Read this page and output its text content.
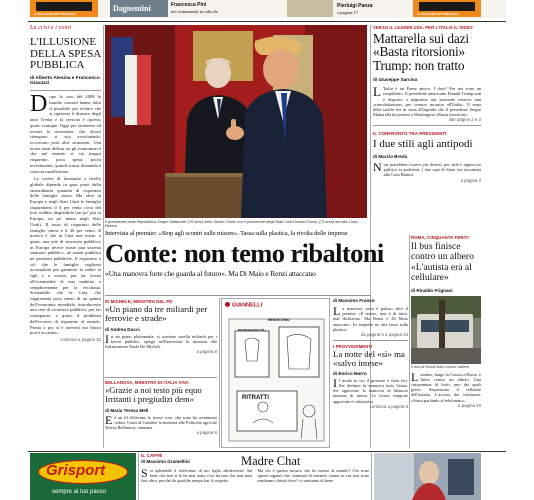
IL MAGAZINE SETTIMANALE
Dagnentini	Francesca Pini
nel settimanale in edicola
Pierluigi Panza
a pagina 17	IL MAGAZINE SETTIMANALE
La crisi e i conti
L'ILLUSIONE DELLA SPESA PUBBLICA
di Alberto Alesina e Francesco Giavazzi
D opo la crisi del 2008 le banche centrali hanno fatto il possibile per evitare che si ripetesse il disastro degli anni Trenta e la crescita è ripresa, quasi ovunque. Oggi per sostenere ed evitare la recessione, che alcuni ritengono si stia avvicinando, occorrono però altri strumenti. Una teoria assai diffusa tra gli economisti è che nel mondo vi sia troppo risparmio, poca spesa, pochi investimenti, quindi scarsa domanda e crescita insufficiente.
Le ricette di domanda a livello globale dipende in gran parte dalla straordinaria quantità di risparmio delle famiglie cinesi. Ma oltre in Europa e negli Stati Uniti le famiglie risparmiano il 6 per cento circa del loro reddito disponibile (un po' più in Europa, un po' meno negli Stati Uniti). Il tasso di risparmio delle famiglie cinesi è il 36 per cento. Il motivo è che in Cina non esiste, o quasi, una rete di sicurezza pubblica: in Europa invece esiste una sistema sanitario pubblico, né sanità pubblica né pensioni pubbliche. Il risparmio è ciò che le famiglie vogliono accumulare per garantire la salute ai figli e a scuola, per far fronte all'eventualità di una malattia o semplicemente per la vecchiaia. Sostenibile che la Cina, che rappresenta poco meno di un quinto dell'economia mondiale, introducesse una rete di sicurezza pubblica, per far scomparire, o quasi, il problema dell'eccesso di risparmio al mondo. Prima o poi si è arriverà ma finora non è accaduto.
continua a pagina 32
Il presidente della Repubblica Sergio Mattarella (78 anni) nello Studio Ovale con il presidente degli Stati Uniti Donald Trump (73 anni) ieri alla Casa Bianca
VERSO IL LEADER USA. PER L'ITALIA IL VIDEO
Mattarella sui dazi «Basta ritorsioni» Trump: non tratto
di Giuseppe Sarcina
L 'Italia è un Paese amico. I dazi? Per noi sono un riequilibrio. Il presidente americano Donald Trump non è disposto a negoziare ma promette esercizi una «rimodulazione» per «venire incontro all'Italia». Il tema delle tariffe era in cima all'agenda che il presidente Sergio Mattarella ha portato a Washington «Basta ritorsioni».
alle pagine 2 e 3
IL CONFRONTO TRA PRESIDENTI
I due stili agli antipodi
di Marzio Breda
N on potrebbero essere più diversi, per stile e approccio politico ai problemi, i due capi di Stato ieri incontrati alla Casa Bianca.
a pagina 3
Intervista al premier: «Stop agli scontri sulle misure». Tassa sulla plastica, la rivolta delle imprese
Conte: non temo ribaltoni
«Una manovra forte che guarda al futuro». Ma Di Maio e Renzi attaccano
DI MICHELE, MINISTRA DEL PD
«Un piano da tre miliardi per ferrovie e strade»
di Andrea Ducci
I n un piano pluriennale, si sostiene sorella miliardi per i lavori pubblici, spiega nell'intervista la ministra alle Infrastrutture Paola De Micheli.
a pagina 8
BELLANOVA, MINISTRA DI ITALIA VIVA
«Grazie a noi testo più equo Irritanti i pregiudizi dem»
di Maria Teresa Meli
E è un fil d'elevano lo stesse cose, che sono ha certamenti ordini, Conti al Cantiere la ministra alle Politiche agricole Teresa Bellanova, renziana.
a pagina 8
GIANNELLI
REGGITORIO
RESPONSABILITÀ
RITRATTI
di Massimo Franco
L a manovra «non è pulita» dice il premier «È nostro, non è di tutti» mal dichiarato. Ma Renzi e Di Maio attaccano. Le imprese no alla tassa sulla plastica.
da pagina 5 a pagina 13
I PROVVEDIMENTI
La notte del «sì» ma «salvo intese»
di Enrico Marro
I l modo in cui il governo è fatto ieri. Per definire la manovra tutto l'anno. Sei approvato la manovra di bilancio insieme di intesa. Le bozze vengono approvate è ottimistico.
continua a pagina 8
ROMA, CINQUANTA FERITI
Il bus finisce contro un albero «L'autista era al cellulare»
di Rinaldo Frignani
Il bus di Roma finito contro l'albero
L utobus, lungo la Cassia a Roma, è finito contro un albero. Una cinquantina di feriti, uno dei quali grave. Sequestrato il cellulare dell'autista. L'accusa dei testimoni: «Stava parlando al telefonino».
a pagina 19
Grisport
sempre al tuo passo
IL CAFFÈ
di Massimo Gramellini	Madre Chat
S ei splendido il telefonino di tuo figlio adolescente. Sai bene che non ti lo ha mai aiuto e ne ha uno che non puoi fare altro, perché da qualche tempo hai il sospetto
Ma chi è questo mostro che ho messo al mondo? Chi sono questi ragazzi che, seminati di internet, fanno su cui non sono sembrano chissà dove? ci sentiamo di bene
